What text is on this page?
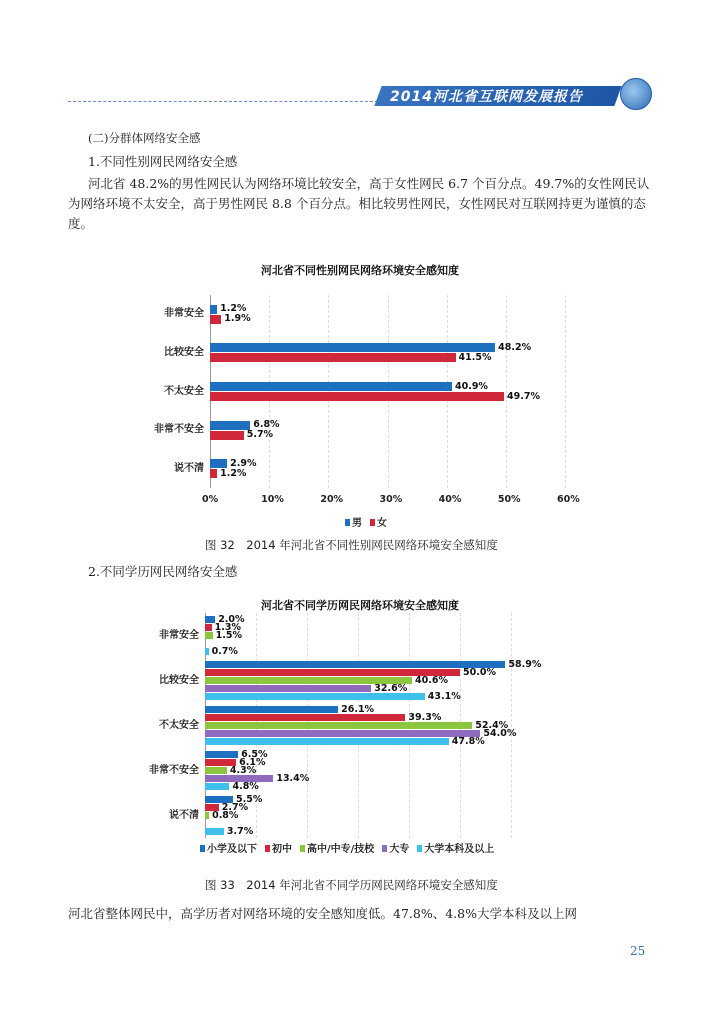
2014河北省互联网发展报告
(二)分群体网络安全感
1.不同性别网民网络安全感
河北省 48.2%的男性网民认为网络环境比较安全，高于女性网民 6.7 个百分点。49.7%的女性网民认为网络环境不太安全，高于男性网民 8.8 个百分点。相比较男性网民，女性网民对互联网持更为谨慎的态度。
河北省不同性别网民网络环境安全感知度
0%	10%	20%	30%	40%	50%	60%
非常安全 1.2%
1.9%
比较安全	48.2%
41.5%
不太安全	40.9%
49.7%
非常不安全	6.8%
5.7%
说不清	2.9%
1.2%
男	女
图 32　2014 年河北省不同性别网民网络环境安全感知度
2.不同学历网民网络安全感
河北省不同学历网民网络环境安全感知度
非常安全
2.0%
1.3%
1.5%
0.7%
比较安全
58.9%
50.0%
40.6%
32.6%
43.1%
不太安全
26.1%
39.3%
52.4%
54.0%
47.8%
非常不安全
6.5%
6.1%
4.3%
13.4%
4.8%
说不清
5.5%
2.7%
0.8%
3.7%
小学及以下	初中	高中/中专/技校	大专	大学本科及以上
图 33　2014 年河北省不同学历网民网络环境安全感知度
河北省整体网民中，高学历者对网络环境的安全感知度低。47.8%、4.8%大学本科及以上网
25
